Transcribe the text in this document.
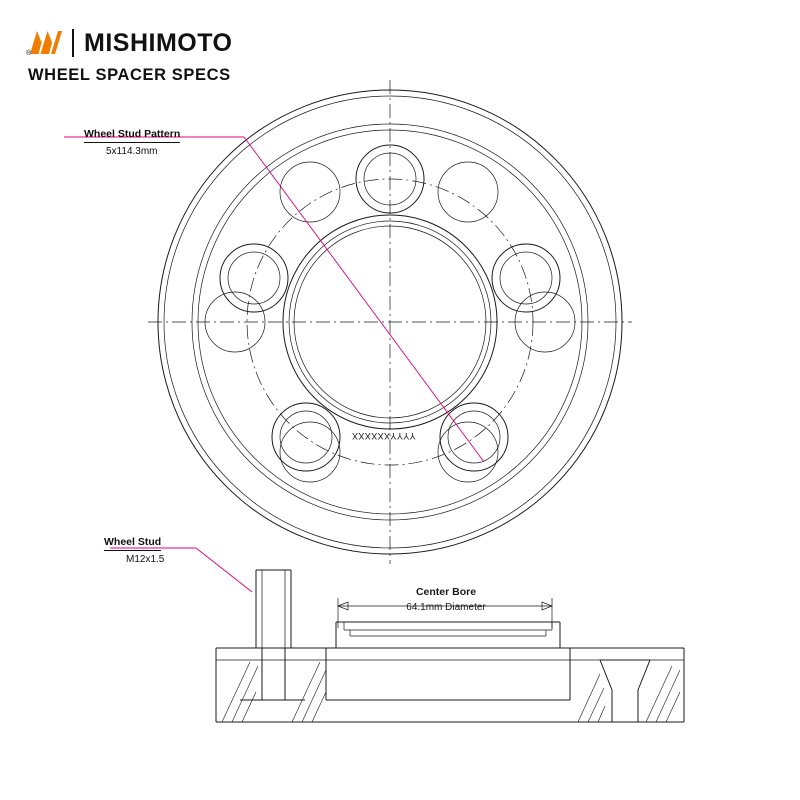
MISHIMOTO
®
WHEEL SPACER SPECS
Wheel Stud Pattern
5x114.3mm
Wheel Stud
M12x1.5
Center Bore
64.1mm Diameter
XXXXXXYYYY
